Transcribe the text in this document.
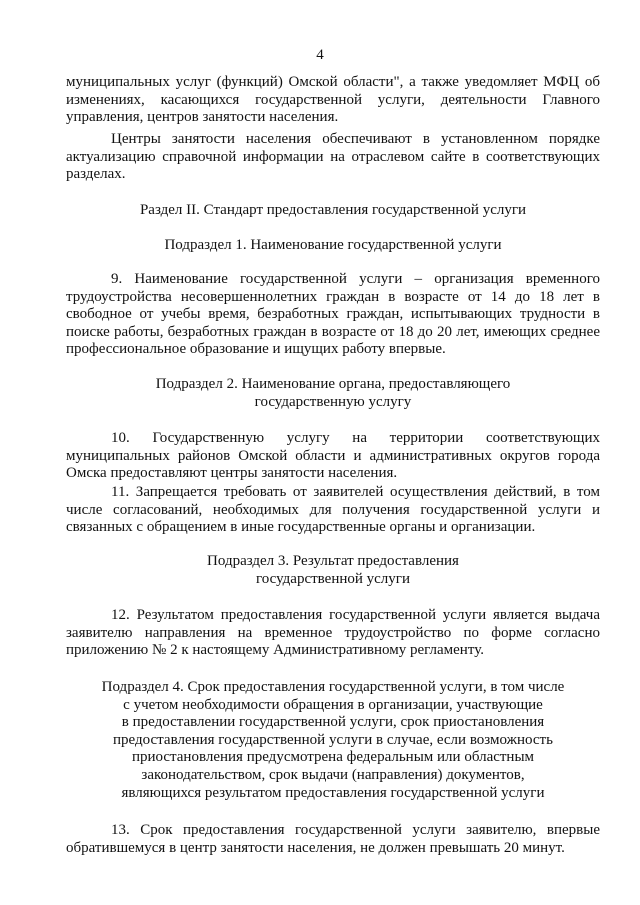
4

муниципальных услуг (функций) Омской области", а также уведомляет МФЦ об изменениях, касающихся государственной услуги, деятельности Главного управления, центров занятости населения.

Центры занятости населения обеспечивают в установленном порядке актуализацию справочной информации на отраслевом сайте в соответствующих разделах.

Раздел II. Стандарт предоставления государственной услуги
Подраздел 1. Наименование государственной услуги

9. Наименование государственной услуги – организация временного трудоустройства несовершеннолетних граждан в возрасте от 14 до 18 лет в свободное от учебы время, безработных граждан, испытывающих трудности в поиске работы, безработных граждан в возрасте от 18 до 20 лет, имеющих среднее профессиональное образование и ищущих работу впервые.

Подраздел 2. Наименование органа, предоставляющего
государственную услугу

10. Государственную услугу на территории соответствующих муниципальных районов Омской области и административных округов города Омска предоставляют центры занятости населения.

11. Запрещается требовать от заявителей осуществления действий, в том числе согласований, необходимых для получения государственной услуги и связанных с обращением в иные государственные органы и организации.

Подраздел 3. Результат предоставления
государственной услуги

12. Результатом предоставления государственной услуги является выдача заявителю направления на временное трудоустройство по форме согласно приложению № 2 к настоящему Административному регламенту.

Подраздел 4. Срок предоставления государственной услуги, в том числе
с учетом необходимости обращения в организации, участвующие
в предоставлении государственной услуги, срок приостановления
предоставления государственной услуги в случае, если возможность
приостановления предусмотрена федеральным или областным
законодательством, срок выдачи (направления) документов,
являющихся результатом предоставления государственной услуги

13. Срок предоставления государственной услуги заявителю, впервые обратившемуся в центр занятости населения, не должен превышать 20 минут.
